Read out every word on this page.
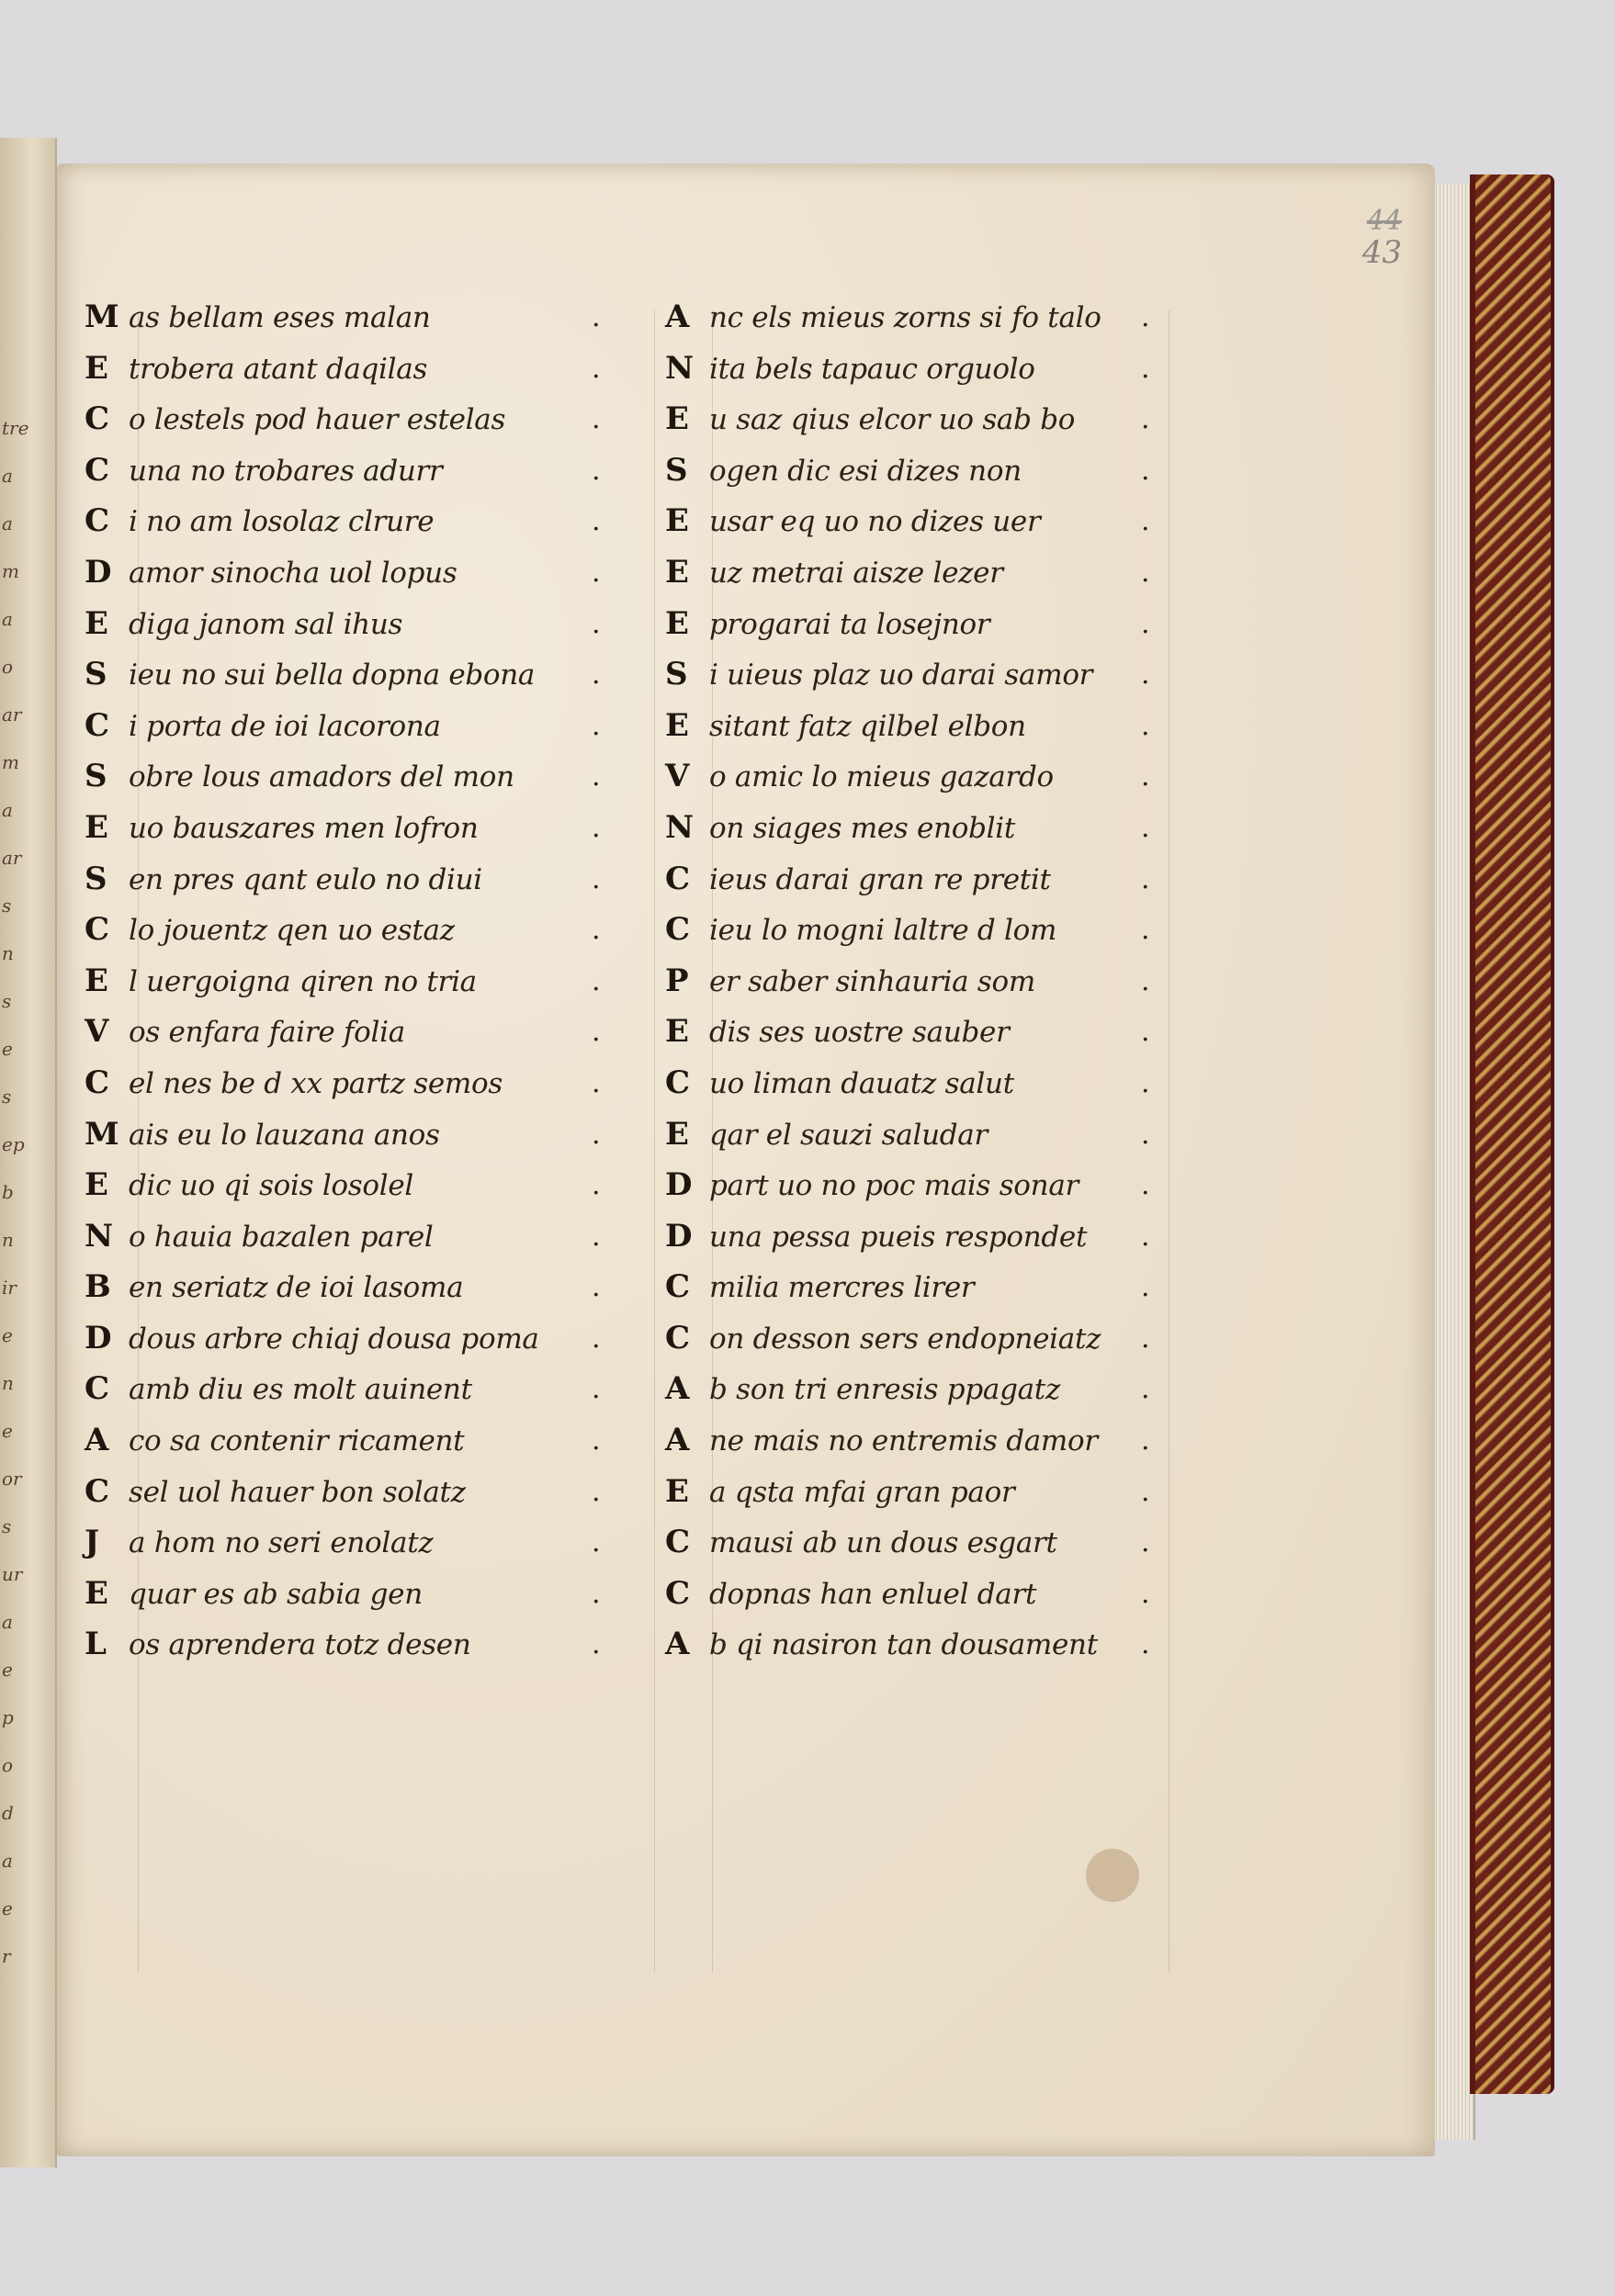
tre
a
a
m
a
o
ar
m
a
ar
s
n
s
e
s
ep
b
n
ir
e
n
e
or
s
ur
a
e
p
o
d
a
e
r
44
43
M as bellam eses malan	.
E trobera atant daqilas	.
C o lestels pod hauer estelas	.
C una no trobares adurr	.
C i no am losolaz clrure	.
D amor sinocha uol lopus	.
E diga janom sal ihus	.
S ieu no sui bella dopna ebona .
C i porta de ioi lacorona	.
S obre lous amadors del mon	.
E uo bauszares men lofron	.
S en pres qant eulo no diui	.
C lo jouentz qen uo estaz	.
E l uergoigna qiren no tria	.
V os enfara faire folia	.
C el nes be d xx partz semos	.
M ais eu lo lauzana anos	.
E dic uo qi sois losolel	.
N o hauia bazalen parel	.
B en seriatz de ioi lasoma	.
D dous arbre chiaj dousa poma .
C amb diu es molt auinent	.
A co sa contenir ricament	.
C sel uol hauer bon solatz	.
J a hom no seri enolatz	.
E quar es ab sabia gen	.
L os aprendera totz desen	.
A nc els mieus zorns si fo talo .
N ita bels tapauc orguolo	.
E u saz qius elcor uo sab bo .
S ogen dic esi dizes non	.
E usar eq uo no dizes uer	.
E uz metrai aisze lezer	.
E progarai ta losejnor	.
S i uieus plaz uo darai samor .
E sitant fatz qilbel elbon	.
V o amic lo mieus gazardo	.
N on siages mes enoblit	.
C ieus darai gran re pretit	.
C ieu lo mogni laltre d lom	.
P er saber sinhauria som	.
E dis ses uostre sauber	.
C uo liman dauatz salut	.
E qar el sauzi saludar	.
D part uo no poc mais sonar .
D una pessa pueis respondet .
C milia mercres lirer	.
C on desson sers endopneiatz .
A b son tri enresis ppagatz	.
A ne mais no entremis damor .
E a qsta mfai gran paor	.
C mausi ab un dous esgart	.
C dopnas han enluel dart	.
A b qi nasiron tan dousament .
